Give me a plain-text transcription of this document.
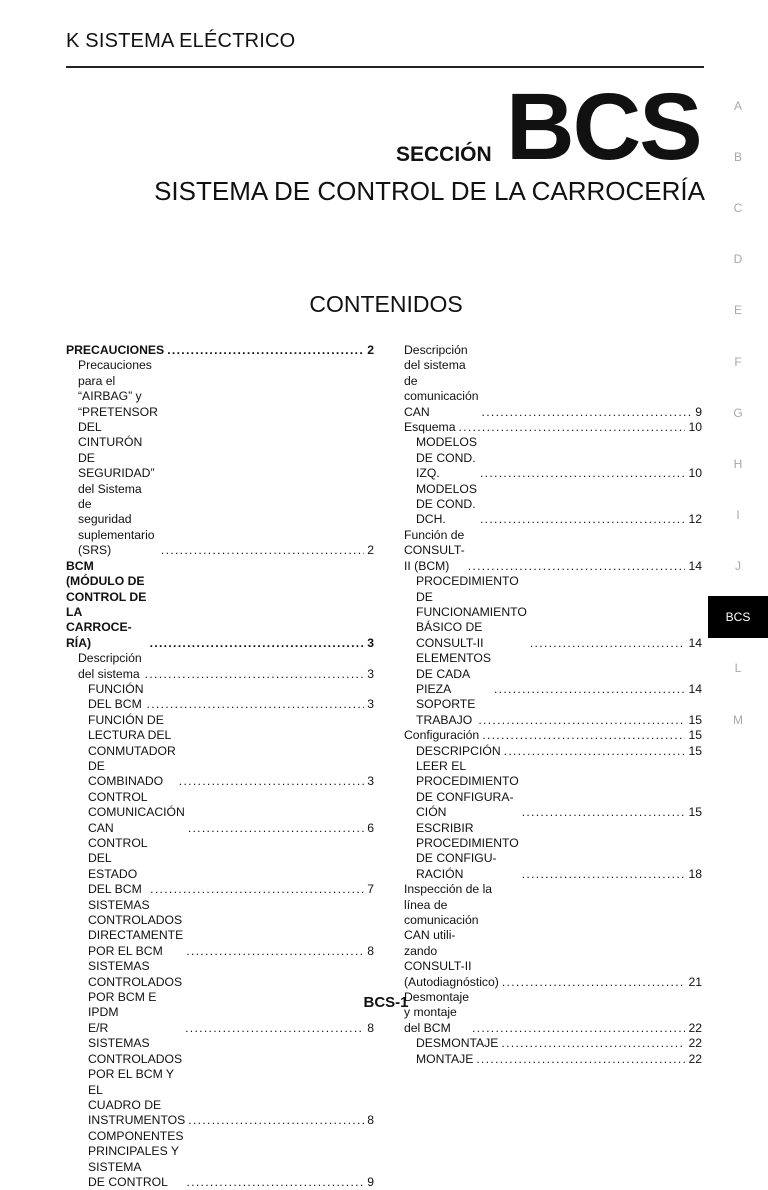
K SISTEMA ELÉCTRICO
SECCIÓN BCS
SISTEMA DE CONTROL DE LA CARROCERÍA
CONTENIDOS
PRECAUCIONES .....	2
Precauciones para el “AIRBAG” y “PRETENSOR
DEL CINTURÓN DE SEGURIDAD” del Sistema de
seguridad suplementario (SRS) .....	2
BCM (MÓDULO DE CONTROL DE LA CARROCE-
RÍA) .....	3
Descripción del sistema .....	3
FUNCIÓN DEL BCM .....	3
FUNCIÓN DE LECTURA DEL CONMUTADOR
DE COMBINADO .....	3
CONTROL COMUNICACIÓN CAN .....	6
CONTROL DEL ESTADO DEL BCM .....	7
SISTEMAS CONTROLADOS DIRECTAMENTE
POR EL BCM .....	8
SISTEMAS CONTROLADOS POR BCM E IPDM
E/R .....	8
SISTEMAS CONTROLADOS POR EL BCM Y EL
CUADRO DE INSTRUMENTOS .....	8
COMPONENTES PRINCIPALES Y SISTEMA
DE CONTROL .....	9
Descripción del sistema de comunicación CAN .....	9
Esquema .....	10
MODELOS DE COND. IZQ. .....	10
MODELOS DE COND. DCH. .....	12
Función de CONSULT-II (BCM) .....	14
PROCEDIMIENTO DE FUNCIONAMIENTO
BÁSICO DE CONSULT-II .....	14
ELEMENTOS DE CADA PIEZA .....	14
SOPORTE TRABAJO .....	15
Configuración .....	15
DESCRIPCIÓN .....	15
LEER EL PROCEDIMIENTO DE CONFIGURA-
CIÓN .....	15
ESCRIBIR PROCEDIMIENTO DE CONFIGU-
RACIÓN .....	18
Inspección de la línea de comunicación CAN utili-
zando CONSULT-II (Autodiagnóstico) .....	21
Desmontaje y montaje del BCM .....	22
DESMONTAJE .....	22
MONTAJE .....	22
A
B
C
D
E
F
G
H
I
J
BCS
L
M
BCS-1
